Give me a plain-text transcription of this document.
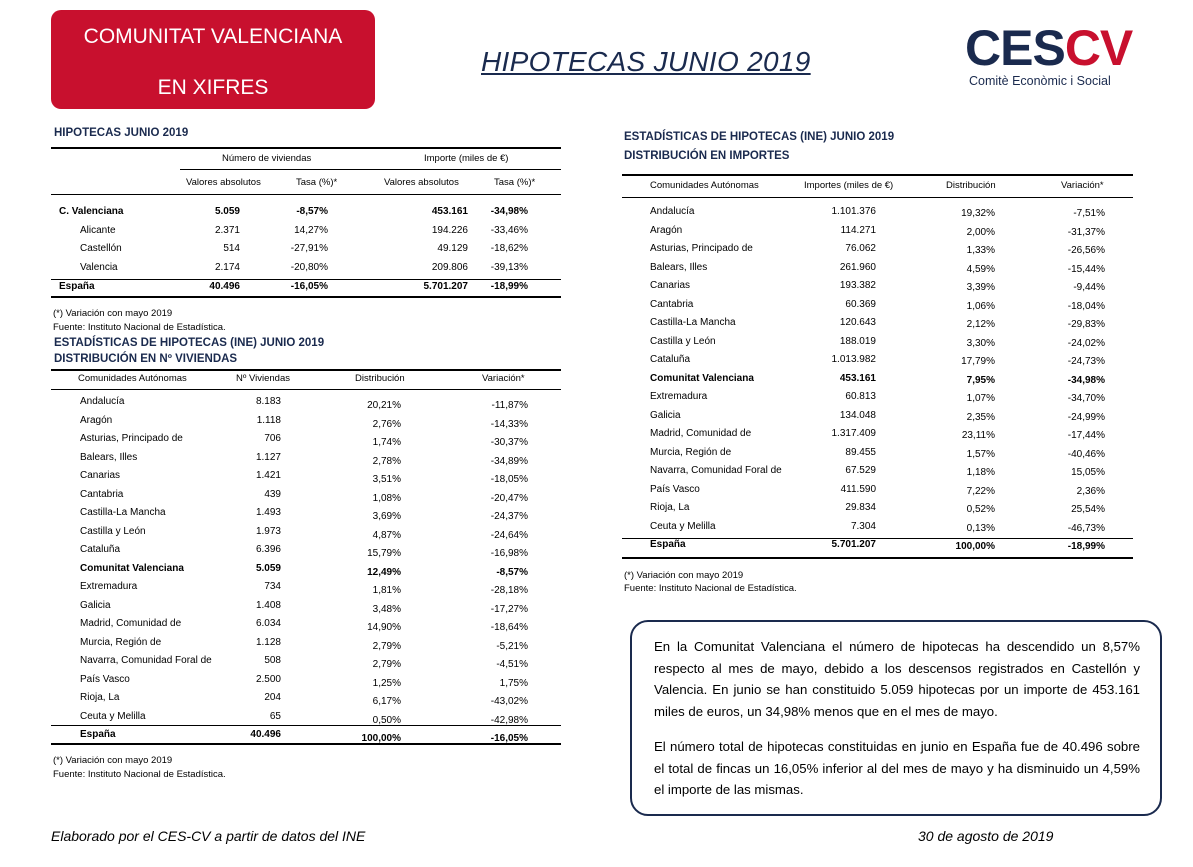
COMUNITAT VALENCIANA
EN XIFRES
HIPOTECAS JUNIO 2019	CESCV
Comitè Econòmic i Social
HIPOTECAS JUNIO 2019
Número de viviendas	Importe (miles de €)
Valores absolutos	Tasa (%)*	Valores absolutos	Tasa (%)*
C. Valenciana	5.059	-8,57%	453.161	-34,98%
Alicante	2.371	14,27%	194.226	-33,46%
Castellón	514	-27,91%	49.129	-18,62%
Valencia	2.174	-20,80%	209.806	-39,13%
España	40.496	-16,05%	5.701.207	-18,99%
(*) Variación con mayo 2019
Fuente: Instituto Nacional de Estadística.
ESTADÍSTICAS DE HIPOTECAS (INE) JUNIO 2019
DISTRIBUCIÓN EN Nº VIVIENDAS
Comunidades Autónomas	Nº Viviendas	Distribución	Variación*
Andalucía	8.183	20,21%	-11,87%
Aragón	1.118	2,76%	-14,33%
Asturias, Principado de	706	1,74%	-30,37%
Balears, Illes	1.127	2,78%	-34,89%
Canarias	1.421	3,51%	-18,05%
Cantabria	439	1,08%	-20,47%
Castilla-La Mancha	1.493	3,69%	-24,37%
Castilla y León	1.973	4,87%	-24,64%
Cataluña	6.396	15,79%	-16,98%
Comunitat Valenciana	5.059	12,49%	-8,57%
Extremadura	734	1,81%	-28,18%
Galicia	1.408	3,48%	-17,27%
Madrid, Comunidad de	6.034	14,90%	-18,64%
Murcia, Región de	1.128	2,79%	-5,21%
Navarra, Comunidad Foral de	508	2,79%	-4,51%
País Vasco	2.500	1,25%	1,75%
Rioja, La	204	6,17%	-43,02%
Ceuta y Melilla	65	0,50%	-42,98%
España	40.496	100,00%	-16,05%
(*) Variación con mayo 2019
Fuente: Instituto Nacional de Estadística.
ESTADÍSTICAS DE HIPOTECAS (INE) JUNIO 2019
DISTRIBUCIÓN EN IMPORTES
Comunidades Autónomas	Importes (miles de €)	Distribución	Variación*
Andalucía	1.101.376	19,32%	-7,51%
Aragón	114.271	2,00%	-31,37%
Asturias, Principado de	76.062	1,33%	-26,56%
Balears, Illes	261.960	4,59%	-15,44%
Canarias	193.382	3,39%	-9,44%
Cantabria	60.369	1,06%	-18,04%
Castilla-La Mancha	120.643	2,12%	-29,83%
Castilla y León	188.019	3,30%	-24,02%
Cataluña	1.013.982	17,79%	-24,73%
Comunitat Valenciana	453.161	7,95%	-34,98%
Extremadura	60.813	1,07%	-34,70%
Galicia	134.048	2,35%	-24,99%
Madrid, Comunidad de	1.317.409	23,11%	-17,44%
Murcia, Región de	89.455	1,57%	-40,46%
Navarra, Comunidad Foral de	67.529	1,18%	15,05%
País Vasco	411.590	7,22%	2,36%
Rioja, La	29.834	0,52%	25,54%
Ceuta y Melilla	7.304	0,13%	-46,73%
España	5.701.207	100,00%	-18,99%
(*) Variación con mayo 2019
Fuente: Instituto Nacional de Estadística.

En la Comunitat Valenciana el número de hipotecas ha descendido un 8,57% respecto al mes de mayo, debido a los descensos registrados en Castellón y Valencia. En junio se han constituido 5.059 hipotecas por un importe de 453.161 miles de euros, un 34,98% menos que en el mes de mayo.

El número total de hipotecas constituidas en junio en España fue de 40.496 sobre el total de fincas un 16,05% inferior al del mes de mayo y ha disminuido un 4,59% el importe de las mismas.

Elaborado por el CES-CV a partir de datos del INE	30 de agosto de 2019
